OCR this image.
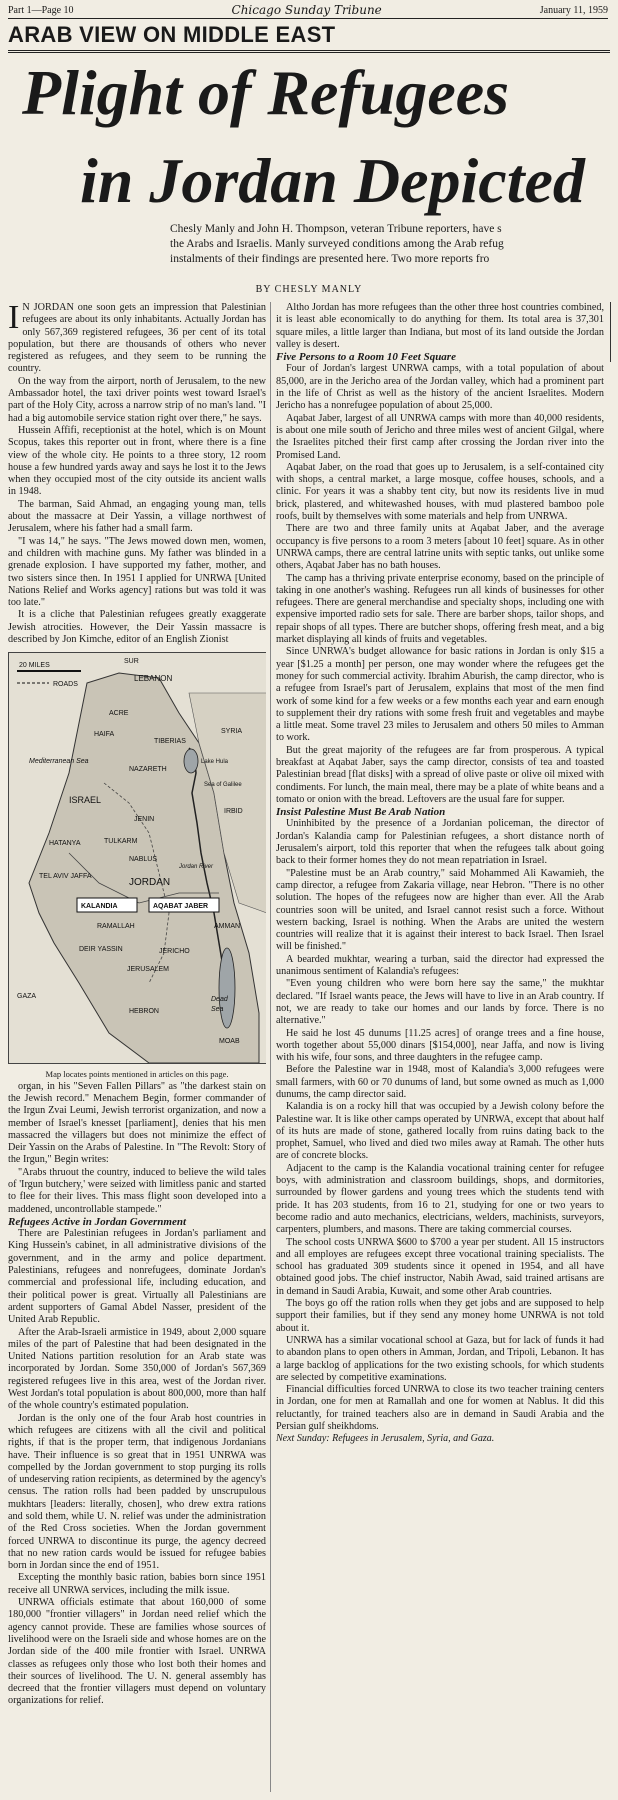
Part 1—Page 10	Chicago Sunday Tribune	January 11, 1959
ARAB VIEW ON MIDDLE EAST
Plight of Refugees
in Jordan Depicted
Chesly Manly and John H. Thompson, veteran Tribune reporters, have s
the Arabs and Israelis. Manly surveyed conditions among the Arab refug
instalments of their findings are presented here. Two more reports fro
BY CHESLY MANLY

I N JORDAN one soon gets an impression that Palestinian refugees are about its only inhabitants. Actually Jordan has only 567,369 registered refugees, 36 per cent of its total population, but there are thousands of others who never registered as refugees, and they seem to be running the country.

On the way from the airport, north of Jerusalem, to the new Ambassador hotel, the taxi driver points west toward Israel's part of the Holy City, across a narrow strip of no man's land. "I had a big automobile service station right over there," he says.

Hussein Affifi, receptionist at the hotel, which is on Mount Scopus, takes this reporter out in front, where there is a fine view of the whole city. He points to a three story, 12 room house a few hundred yards away and says he lost it to the Jews when they occupied most of the city outside its ancient walls in 1948.

The barman, Said Ahmad, an engaging young man, tells about the massacre at Deir Yassin, a village northwest of Jerusalem, where his father had a small farm.

"I was 14," he says. "The Jews mowed down men, women, and children with machine guns. My father was blinded in a grenade explosion. I have supported my father, mother, and two sisters since then. In 1951 I applied for UNRWA [United Nations Relief and Works agency] rations but was told it was too late."

It is a cliche that Palestinian refugees greatly exaggerate Jewish atrocities. However, the Deir Yassin massacre is described by Jon Kimche, editor of an English Zionist

20 MILES
ROADS
SUR
LEBANON
SYRIA
Lake Hula
Sea of Galilee
Mediterranean Sea
ACRE
HAIFA
NAZARETH
TIBERIAS
IRBID
JENIN
TULKARM
HATANYA
NABLUS
TEL AVIV JAFFA
JORDAN
KALANDIA	AQABAT JABER
RAMALLAH	AMMAN
DEIR YASSIN	JERICHO
JERUSALEM
HEBRON
GAZA	Dead
Sea
MOAB
ISRAEL
Jordan River

Map locates points mentioned in articles on this page.

organ, in his "Seven Fallen Pillars" as "the darkest stain on the Jewish record." Menachem Begin, former commander of the Irgun Zvai Leumi, Jewish terrorist organization, and now a member of Israel's knesset [parliament], denies that his men massacred the villagers but does not minimize the effect of Deir Yassin on the Arabs of Palestine. In "The Revolt: Story of the Irgun," Begin writes:

"Arabs thruout the country, induced to believe the wild tales of 'Irgun butchery,' were seized with limitless panic and started to flee for their lives. This mass flight soon developed into a maddened, uncontrollable stampede."

Refugees Active in Jordan Government

There are Palestinian refugees in Jordan's parliament and King Hussein's cabinet, in all administrative divisions of the government, and in the army and police department. Palestinians, refugees and nonrefugees, dominate Jordan's commercial and professional life, including education, and their political power is great. Virtually all Palestinians are ardent supporters of Gamal Abdel Nasser, president of the United Arab Republic.

After the Arab-Israeli armistice in 1949, about 2,000 square miles of the part of Palestine that had been designated in the United Nations partition resolution for an Arab state was incorporated by Jordan. Some 350,000 of Jordan's 567,369 registered refugees live in this area, west of the Jordan river. West Jordan's total population is about 800,000, more than half of the whole country's estimated population.

Jordan is the only one of the four Arab host countries in which refugees are citizens with all the civil and political rights, if that is the proper term, that indigenous Jordanians have. Their influence is so great that in 1951 UNRWA was compelled by the Jordan government to stop purging its rolls of undeserving ration recipients, as determined by the agency's census. The ration rolls had been padded by unscrupulous mukhtars [leaders: literally, chosen], who drew extra rations and sold them, while U. N. relief was under the administration of the Red Cross societies. When the Jordan government forced UNRWA to discontinue its purge, the agency decreed that no new ration cards would be issued for refugee babies born in Jordan since the end of 1951.

Excepting the monthly basic ration, babies born since 1951 receive all UNRWA services, including the milk issue.

UNRWA officials estimate that about 160,000 of some 180,000 "frontier villagers" in Jordan need relief which the agency cannot provide. These are families whose sources of livelihood were on the Israeli side and whose homes are on the Jordan side of the 400 mile frontier with Israel. UNRWA classes as refugees only those who lost both their homes and their sources of livelihood. The U. N. general assembly has decreed that the frontier villagers must depend on voluntary organizations for relief.

Altho Jordan has more refugees than the other three host countries combined, it is least able economically to do anything for them. Its total area is 37,301 square miles, a little larger than Indiana, but most of its land outside the Jordan valley is desert.

Five Persons to a Room 10 Feet Square

Four of Jordan's largest UNRWA camps, with a total population of about 85,000, are in the Jericho area of the Jordan valley, which had a prominent part in the life of Christ as well as the history of the ancient Israelites. Modern Jericho has a nonrefugee population of about 25,000.

Aqabat Jaber, largest of all UNRWA camps with more than 40,000 residents, is about one mile south of Jericho and three miles west of ancient Gilgal, where the Israelites pitched their first camp after crossing the Jordan river into the Promised Land.

Aqabat Jaber, on the road that goes up to Jerusalem, is a self-contained city with shops, a central market, a large mosque, coffee houses, schools, and a clinic. For years it was a shabby tent city, but now its residents live in mud brick, plastered, and whitewashed houses, with mud plastered bamboo pole roofs, built by themselves with some materials and help from UNRWA.

There are two and three family units at Aqabat Jaber, and the average occupancy is five persons to a room 3 meters [about 10 feet] square. As in other UNRWA camps, there are central latrine units with septic tanks, out unlike some others, Aqabat Jaber has no bath houses.

The camp has a thriving private enterprise economy, based on the principle of taking in one another's washing. Refugees run all kinds of businesses for other refugees. There are general merchandise and specialty shops, including one with expensive imported radio sets for sale. There are barber shops, tailor shops, and repair shops of all types. There are butcher shops, offering fresh meat, and a big market displaying all kinds of fruits and vegetables.

Since UNRWA's budget allowance for basic rations in Jordan is only $15 a year [$1.25 a month] per person, one may wonder where the refugees get the money for such commercial activity. Ibrahim Aburish, the camp director, who is a refugee from Israel's part of Jerusalem, explains that most of the men find work of some kind for a few weeks or a few months each year and earn enough to supplement their dry rations with some fresh fruit and vegetables and maybe a little meat. Some travel 23 miles to Jerusalem and others 50 miles to Amman to work.

But the great majority of the refugees are far from prosperous. A typical breakfast at Aqabat Jaber, says the camp director, consists of tea and toasted Palestinian bread [flat disks] with a spread of olive paste or olive oil mixed with condiments. For lunch, the main meal, there may be a plate of white beans and a tomato or onion with the bread. Leftovers are the usual fare for supper.

Insist Palestine Must Be Arab Nation

Uninhibited by the presence of a Jordanian policeman, the director of Jordan's Kalandia camp for Palestinian refugees, a short distance north of Jerusalem's airport, told this reporter that when the refugees talk about going back to their former homes they do not mean repatriation in Israel.

"Palestine must be an Arab country," said Mohammed Ali Kawamieh, the camp director, a refugee from Zakaria village, near Hebron. "There is no other solution. The hopes of the refugees now are higher than ever. All the Arab countries soon will be united, and Israel cannot resist such a force. Without western backing, Israel is nothing. When the Arabs are united the western countries will realize that it is against their interest to back Israel. Then Israel will be finished."

A bearded mukhtar, wearing a turban, said the director had expressed the unanimous sentiment of Kalandia's refugees:

"Even young children who were born here say the same," the mukhtar declared. "If Israel wants peace, the Jews will have to live in an Arab country. If not, we are ready to take our homes and our lands by force. There is no alternative."

He said he lost 45 dunums [11.25 acres] of orange trees and a fine house, worth together about 55,000 dinars [$154,000], near Jaffa, and now is living with his wife, four sons, and three daughters in the refugee camp.

Before the Palestine war in 1948, most of Kalandia's 3,000 refugees were small farmers, with 60 or 70 dunums of land, but some owned as much as 1,000 dunums, the camp director said.

Kalandia is on a rocky hill that was occupied by a Jewish colony before the Palestine war. It is like other camps operated by UNRWA, except that about half of its huts are made of stone, gathered locally from ruins dating back to the prophet, Samuel, who lived and died two miles away at Ramah. The other huts are of concrete blocks.

Adjacent to the camp is the Kalandia vocational training center for refugee boys, with administration and classroom buildings, shops, and dormitories, surrounded by flower gardens and young trees which the students tend with pride. It has 203 students, from 16 to 21, studying for one or two years to become radio and auto mechanics, electricians, welders, machinists, surveyors, carpenters, plumbers, and masons. There are taking commercial courses.

The school costs UNRWA $600 to $700 a year per student. All 15 instructors and all employes are refugees except three vocational training specialists. The school has graduated 309 students since it opened in 1954, and all have obtained good jobs. The chief instructor, Nabih Awad, said trained artisans are in demand in Saudi Arabia, Kuwait, and some other Arab countries.

The boys go off the ration rolls when they get jobs and are supposed to help support their families, but if they send any money home UNRWA is not told about it.

UNRWA has a similar vocational school at Gaza, but for lack of funds it had to abandon plans to open others in Amman, Jordan, and Tripoli, Lebanon. It has a large backlog of applications for the two existing schools, for which students are selected by competitive examinations.

Financial difficulties forced UNRWA to close its two teacher training centers in Jordan, one for men at Ramallah and one for women at Nablus. It did this reluctantly, for trained teachers also are in demand in Saudi Arabia and the Persian gulf sheikhdoms.

Next Sunday: Refugees in Jerusalem, Syria, and Gaza.
